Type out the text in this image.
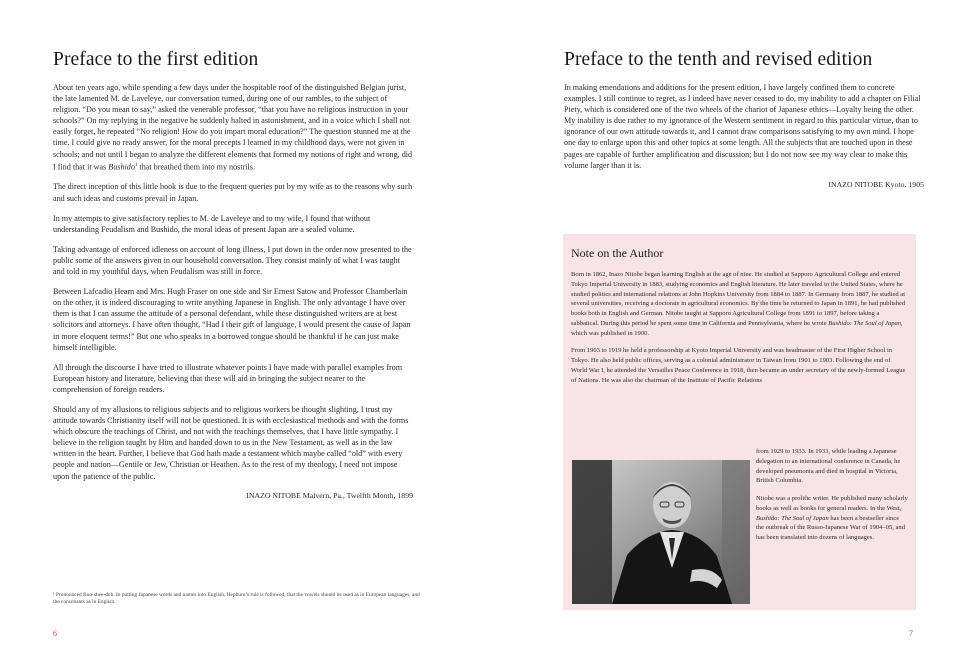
Preface to the first edition

About ten years ago, while spending a few days under the hospitable roof of the distinguished Belgian jurist, the late lamented M. de Laveleye, our conversation turned, during one of our rambles, to the subject of religion. “Do you mean to say,” asked the venerable professor, “that you have no religious instruction in your schools?” On my replying in the negative he suddenly halted in astonishment, and in a voice which I shall not easily forget, he repeated “No religion! How do you impart moral education?” The question stunned me at the time. I could give no ready answer, for the moral precepts I learned in my childhood days, were not given in schools; and not until I began to analyze the different elements that formed my notions of right and wrong, did I find that it was Bushido$^1$ that breathed them into my nostrils.

The direct inception of this little book is due to the frequent queries put by my wife as to the reasons why such and such ideas and customs prevail in Japan.

In my attempts to give satisfactory replies to M. de Laveleye and to my wife, I found that without understanding Feudalism and Bushido, the moral ideas of present Japan are a sealed volume.

Taking advantage of enforced idleness on account of long illness, I put down in the order now presented to the public some of the answers given in our household conversation. They consist mainly of what I was taught and told in my youthful days, when Feudalism was still in force.

Between Lafcadio Hearn and Mrs. Hugh Fraser on one side and Sir Ernest Satow and Professor Chamberlain on the other, it is indeed discouraging to write anything Japanese in English. The only advantage I have over them is that I can assume the attitude of a personal defendant, while these distinguished writers are at best solicitors and attorneys. I have often thought, “Had I their gift of language, I would present the cause of Japan in more eloquent terms!” But one who speaks in a borrowed tongue should be thankful if he can just make himself intelligible.

All through the discourse I have tried to illustrate whatever points I have made with parallel examples from European history and literature, believing that these will aid in bringing the subject nearer to the comprehension of foreign readers.

Should any of my allusions to religious subjects and to religious workers be thought slighting, I trust my attitude towards Christianity itself will not be questioned. It is with ecclesiastical methods and with the forms which obscure the teachings of Christ, and not with the teachings themselves, that I have little sympathy. I believe in the religion taught by Him and handed down to us in the New Testament, as well as in the law written in the heart. Further, I believe that God hath made a testament which maybe called “old” with every people and nation—Gentile or Jew, Christian or Heathen. As to the rest of my theology, I need not impose upon the patience of the public.

INAZO NITOBE Malvern, Pa., Twelfth Month, 1899

¹ Pronounced Boo-shee-doh. In putting Japanese words and names into English, Hepburn’s rule is followed, that the vowels should be used as in European languages, and the consonants as in English.
6
Preface to the tenth and revised edition

In making emendations and additions for the present edition, I have largely confined them to concrete examples. I still continue to regret, as I indeed have never ceased to do, my inability to add a chapter on Filial Piety, which is considered one of the two wheels of the chariot of Japanese ethics—Loyalty being the other. My inability is due rather to my ignorance of the Western sentiment in regard to this particular virtue, than to ignorance of our own attitude towards it, and I cannot draw comparisons satisfying to my own mind. I hope one day to enlarge upon this and other topics at some length. All the subjects that are touched upon in these pages are capable of further amplification and discussion; but I do not now see my way clear to make this volume larger than it is.

INAZO NITOBE Kyoto, 1905

Note on the Author

Born in 1862, Inazo Nitobe began learning English at the age of nine. He studied at Sapporo Agricultural College and entered Tokyo Imperial University in 1883, studying economics and English literature. He later traveled to the United States, where he studied politics and international relations at John Hopkins University from 1884 to 1887. In Germany from 1887, he studied at several universities, receiving a doctorate in agricultural economics. By the time he returned to Japan in 1891, he had published books both in English and German. Nitobe taught at Sapporo Agricultural College from 1891 to 1897, before taking a sabbatical. During this period he spent some time in California and Pennsylvania, where he wrote Bushido: The Soul of Japan, which was published in 1900.

From 1903 to 1919 he held a professorship at Kyoto Imperial University and was headmaster of the First Higher School in Tokyo. He also held public offices, serving as a colonial administrator in Taiwan from 1901 to 1903. Following the end of World War I, he attended the Versailles Peace Conference in 1918, then became an under secretary of the newly-formed League of Nations. He was also the chairman of the Institute of Pacific Relations

from 1929 to 1933. In 1933, while leading a Japanese delegation to an international conference in Canada, he developed pneumonia and died in hospital in Victoria, British Columbia.

Nitobe was a prolific writer. He published many scholarly books as well as books for general readers. In the West, Bushido: The Soul of Japan has been a bestseller since the outbreak of the Russo-Japanese War of 1904–05, and has been translated into dozens of languages.

7
